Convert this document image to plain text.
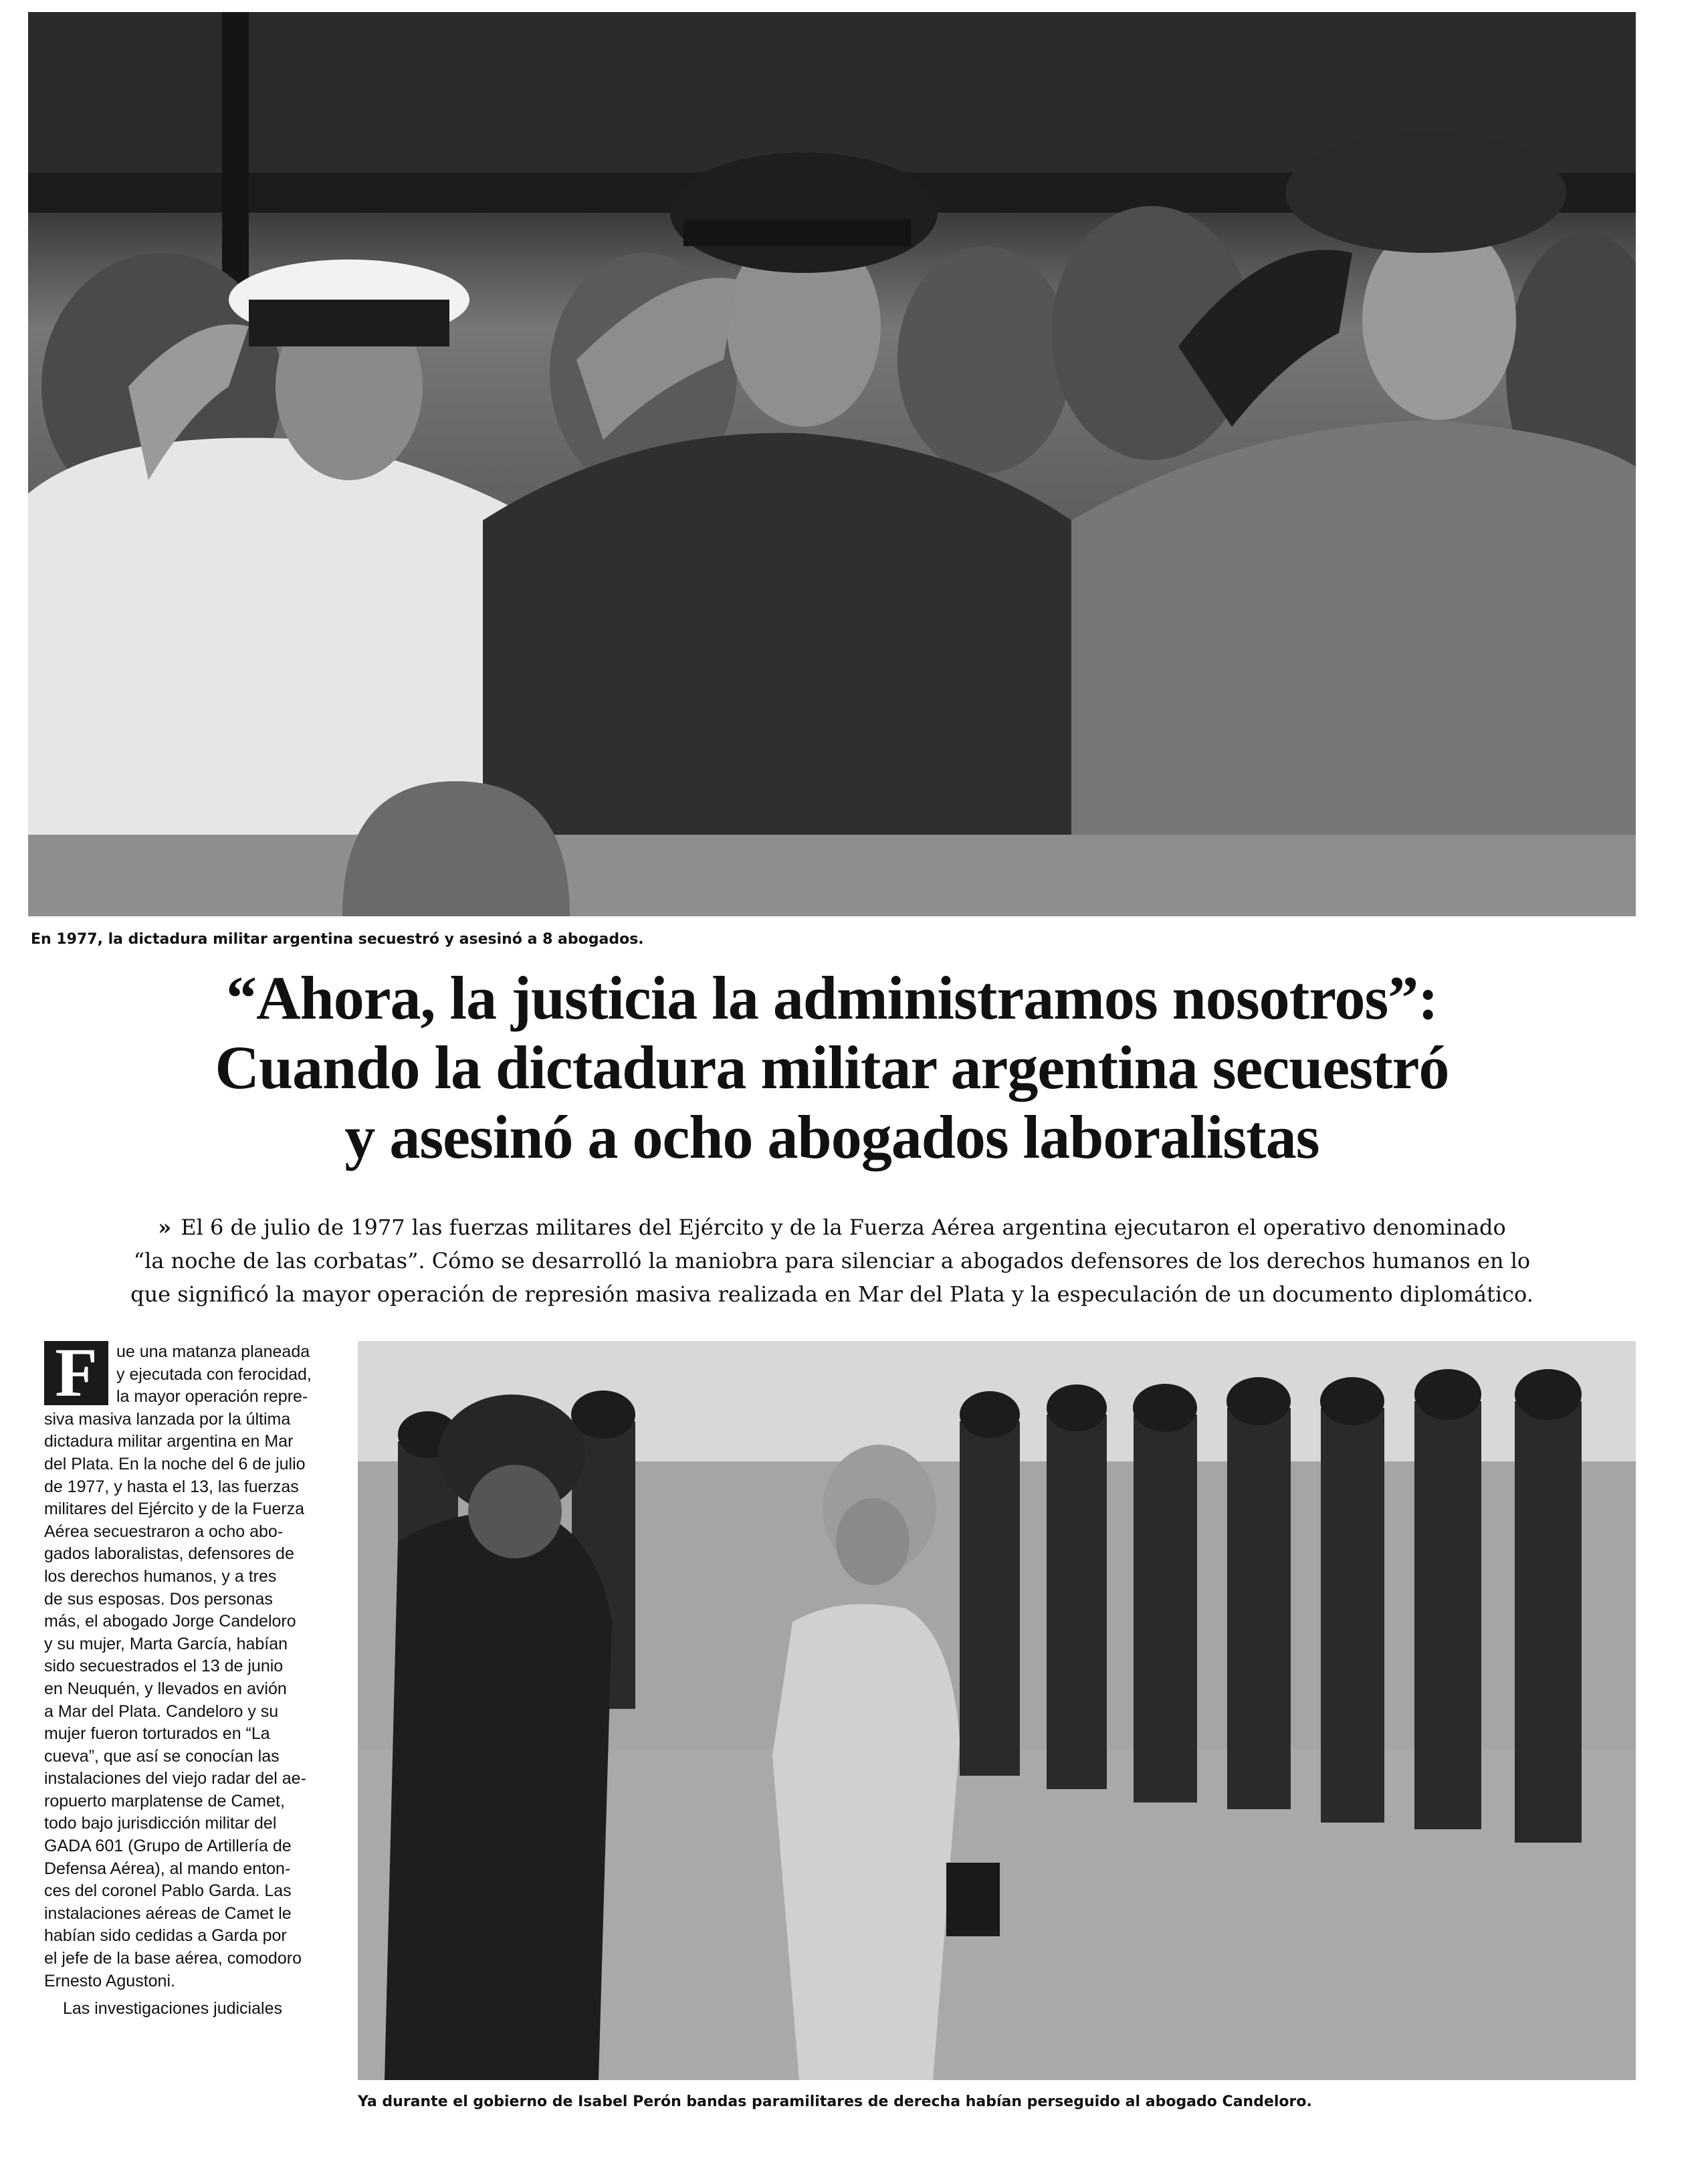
En 1977, la dictadura militar argentina secuestró y asesinó a 8 abogados.
“Ahora, la justicia la administramos nosotros”:
Cuando la dictadura militar argentina secuestró
y asesinó a ocho abogados laboralistas
» El 6 de julio de 1977 las fuerzas militares del Ejército y de la Fuerza Aérea argentina ejecutaron el operativo denominado
“la noche de las corbatas”. Cómo se desarrolló la maniobra para silenciar a abogados defensores de los derechos humanos en lo
que significó la mayor operación de represión masiva realizada en Mar del Plata y la especulación de un documento diplomático.
F	ue una matanza planeada
y ejecutada con ferocidad,
la mayor operación repre-
siva masiva lanzada por la última
dictadura militar argentina en Mar
del Plata. En la noche del 6 de julio
de 1977, y hasta el 13, las fuerzas
militares del Ejército y de la Fuerza
Aérea secuestraron a ocho abo-
gados laboralistas, defensores de
los derechos humanos, y a tres
de sus esposas. Dos personas
más, el abogado Jorge Candeloro
y su mujer, Marta García, habían
sido secuestrados el 13 de junio
en Neuquén, y llevados en avión
a Mar del Plata. Candeloro y su
mujer fueron torturados en “La
cueva”, que así se conocían las
instalaciones del viejo radar del ae-
ropuerto marplatense de Camet,
todo bajo jurisdicción militar del
GADA 601 (Grupo de Artillería de
Defensa Aérea), al mando enton-
ces del coronel Pablo Garda. Las
instalaciones aéreas de Camet le
habían sido cedidas a Garda por
el jefe de la base aérea, comodoro
Ernesto Agustoni.
Las investigaciones judiciales
Ya durante el gobierno de Isabel Perón bandas paramilitares de derecha habían perseguido al abogado Candeloro.
